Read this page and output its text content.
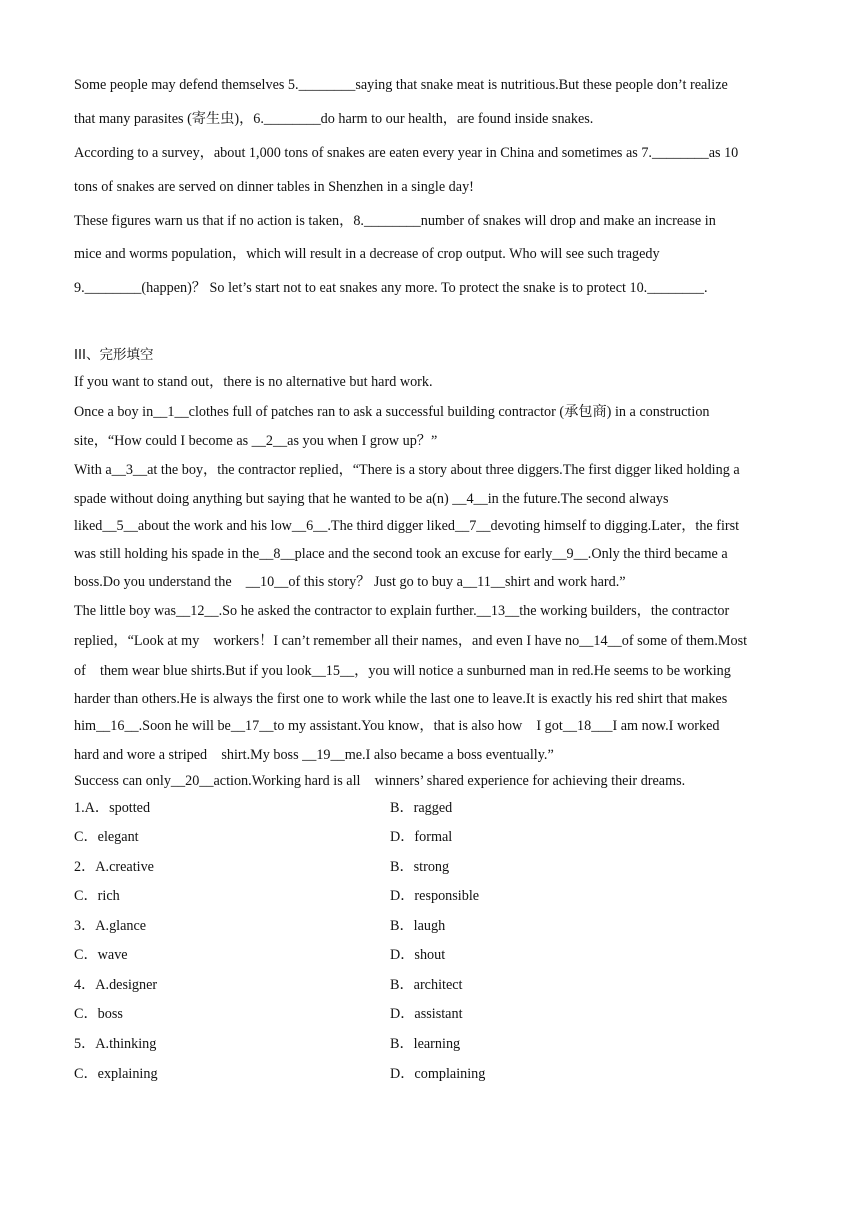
Some people may defend themselves 5.________saying that snake meat is nutritious.But these people don’t realize
that many parasites (寄生虫)，6.________do harm to our health，are found inside snakes.
According to a survey，about 1,000 tons of snakes are eaten every year in China and sometimes as 7.________as 10
tons of snakes are served on dinner tables in Shenzhen in a single day!
These figures warn us that if no action is taken，8.________number of snakes will drop and make an increase in
mice and worms population，which will result in a decrease of crop output. Who will see such tragedy
9.________(happen)？ So let’s start not to eat snakes any more. To protect the snake is to protect 10.________.
III、完形填空
If you want to stand out，there is no alternative but hard work.
Once a boy in__1__clothes full of patches ran to ask a successful building contractor (承包商) in a construction
site，“How could I become as __2__as you when I grow up？”
With a__3__at the boy，the contractor replied，“There is a story about three diggers.The first digger liked holding a
spade without doing anything but saying that he wanted to be a(n) __4__in the future.The second always
liked__5__about the work and his low__6__.The third digger liked__7__devoting himself to digging.Later，the first
was still holding his spade in the__8__place and the second took an excuse for early__9__.Only the third became a
boss.Do you understand the    __10__of this story？ Just go to buy a__11__shirt and work hard.”
The little boy was__12__.So he asked the contractor to explain further.__13__the working builders，the contractor
replied，“Look at my    workers！I can’t remember all their names，and even I have no__14__of some of them.Most
of    them wear blue shirts.But if you look__15__，you will notice a sunburned man in red.He seems to be working
harder than others.He is always the first one to work while the last one to leave.It is exactly his red shirt that makes
him__16__.Soon he will be__17__to my assistant.You know，that is also how    I got__18___I am now.I worked
hard and wore a striped    shirt.My boss __19__me.I also became a boss eventually.”
Success can only__20__action.Working hard is all    winners’ shared experience for achieving their dreams.
1.A．spotted	B．ragged
C．elegant	D．formal
2．A.creative	B．strong
C．rich	D．responsible
3．A.glance	B．laugh
C．wave	D．shout
4．A.designer	B．architect
C．boss	D．assistant
5．A.thinking	B．learning
C．explaining	D．complaining
